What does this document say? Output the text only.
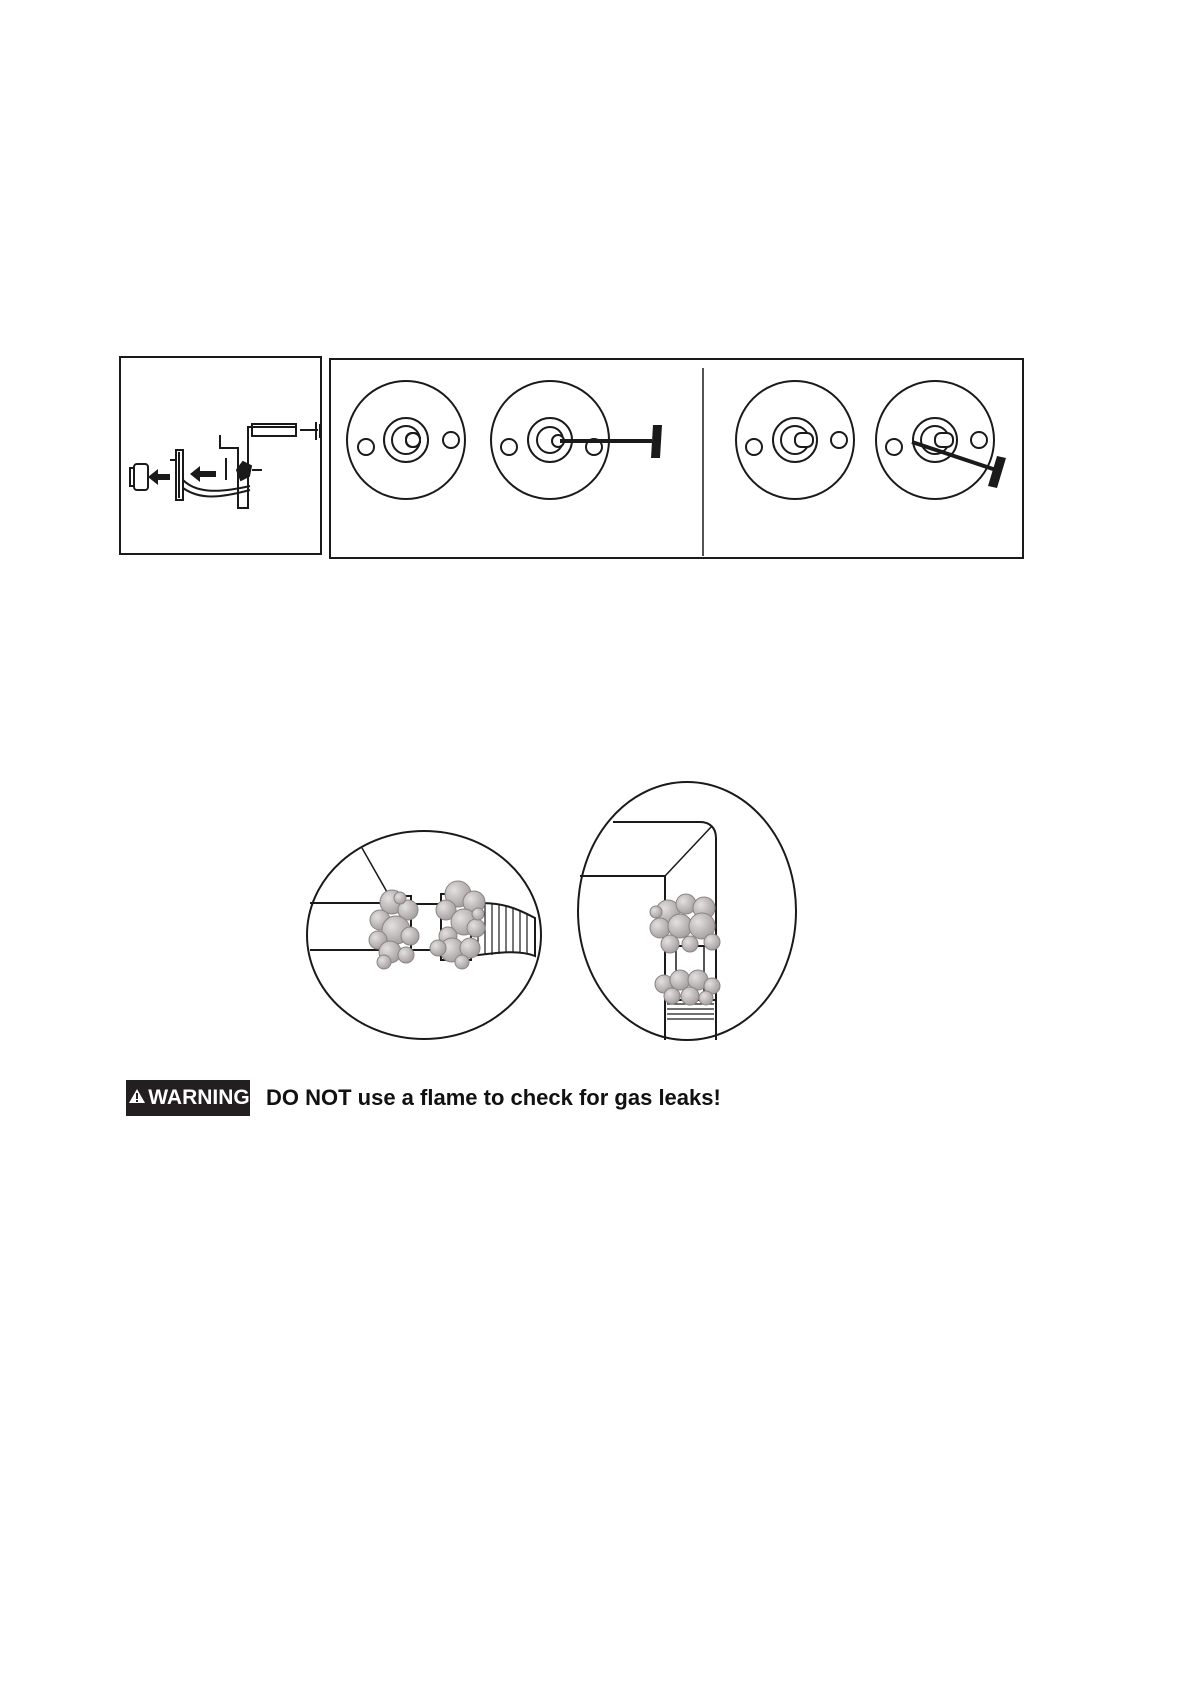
WARNING DO NOT use a flame to check for gas leaks!
